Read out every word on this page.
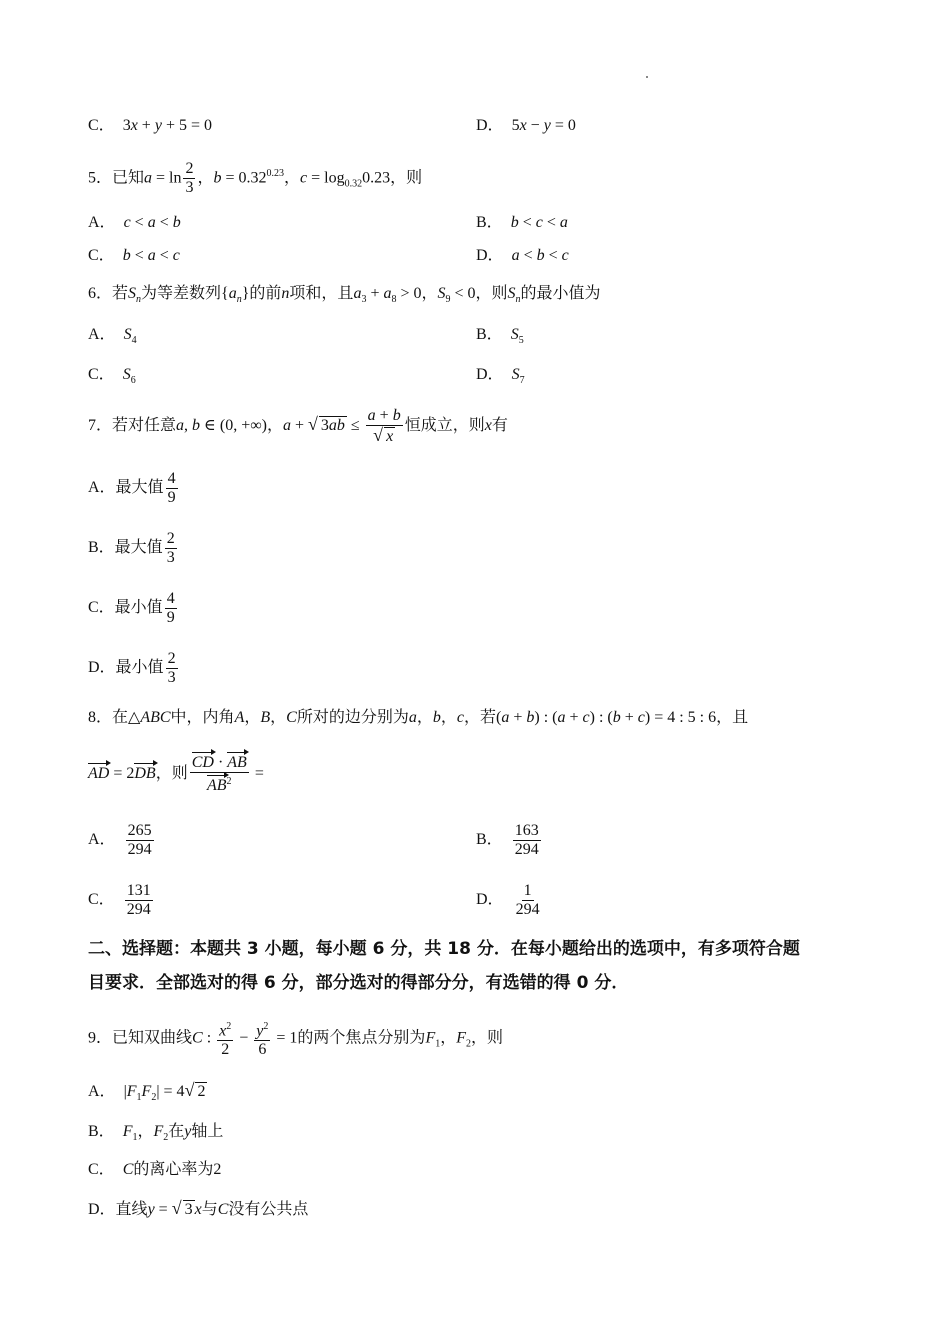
C． 3x + y + 5 = 0	D． 5x − y = 0
5．已知$a = \ln \frac{2}{3}$ ，$b = 0.32^{0.23}$，$c = \log_{0.32}0.23$，则
A． c < a < b	B． b < c < a
C． b < a < c	D． a < b < c
6．若$S_n$为等差数列$\{a_n\}$的前n项和，且$a_3 + a_8 > 0$，$S_9 < 0$，则$S_n$的最小值为
A． $S_4$	B． $S_5$
C． $S_6$	D． $S_7$
7．若对任意a, b ∈ (0, +∞)，a + √ $3ab \le \frac{a + b}{√ x}$ 恒成立，则x有
A．最大值 $\frac{4}{9}$
B．最大值 $\frac{2}{3}$
C．最小值 $\frac{4}{9}$
D．最小值 $\frac{2}{3}$
8．在△ABC中，内角A，B，C所对的边分别为a，b，c，若(a + b) : (a + c) : (b + c) = 4 : 5 : 6，且
AD = 2DB，则 $\frac{CD \cdot AB}{AB^2}$ =
A． $\frac{265}{294}$	B． $\frac{163}{294}$
C． $\frac{131}{294}$	D． $\frac{1}{294}$
二、选择题：本题共 3 小题，每小题 6 分，共 18 分．在每小题给出的选项中，有多项符合题
目要求．全部选对的得 6 分，部分选对的得部分分，有选错的得 0 分．
9．已知双曲线C : $\frac{x^2}{2} - \frac{y^2}{6} = 1$的两个焦点分别为$F_1$，$F_2$，则
A． $|F_1F_2| = 4√$ 2
B． $F_1$，$F_2$在y轴上
C． C的离心率为2
D．直线y = √ 3 x与C没有公共点
